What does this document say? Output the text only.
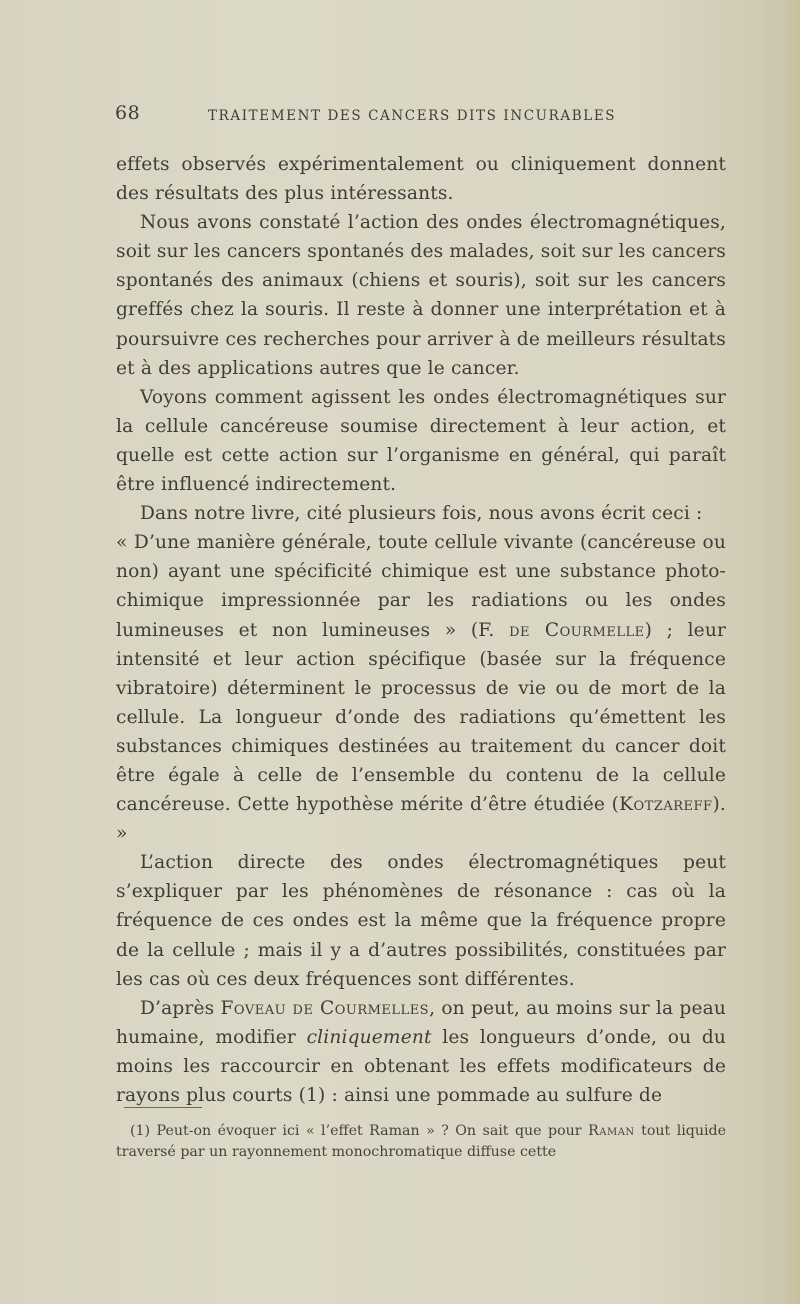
68	TRAITEMENT DES CANCERS DITS INCURABLES

effets observés expérimentalement ou cliniquement donnent des résultats des plus intéressants.

Nous avons constaté l’action des ondes électromagnétiques, soit sur les cancers spontanés des malades, soit sur les cancers spontanés des animaux (chiens et souris), soit sur les cancers greffés chez la souris. Il reste à donner une interprétation et à poursuivre ces recherches pour arriver à de meilleurs résultats et à des applications autres que le cancer.

Voyons comment agissent les ondes électromagnétiques sur la cellule cancéreuse soumise directement à leur action, et quelle est cette action sur l’organisme en général, qui paraît être influencé indirectement.

Dans notre livre, cité plusieurs fois, nous avons écrit ceci :

« D’une manière générale, toute cellule vivante (cancéreuse ou non) ayant une spécificité chimique est une substance photo-chimique impressionnée par les radiations ou les ondes lumineuses et non lumineuses » (F. de Courmelle) ; leur intensité et leur action spécifique (basée sur la fréquence vibratoire) déterminent le processus de vie ou de mort de la cellule. La longueur d’onde des radiations qu’émettent les substances chimiques destinées au traitement du cancer doit être égale à celle de l’ensemble du contenu de la cellule cancéreuse. Cette hypothèse mérite d’être étudiée (Kotzareff). »

L’action directe des ondes électromagnétiques peut s’expliquer par les phénomènes de résonance : cas où la fréquence de ces ondes est la même que la fréquence propre de la cellule ; mais il y a d’autres possibilités, constituées par les cas où ces deux fréquences sont différentes.

D’après Foveau de Courmelles, on peut, au moins sur la peau humaine, modifier cliniquement les longueurs d’onde, ou du moins les raccourcir en obtenant les effets modificateurs de rayons plus courts (1) : ainsi une pommade au sulfure de

(1) Peut-on évoquer ici « l’effet Raman » ? On sait que pour Raman tout liquide traversé par un rayonnement monochromatique diffuse cette
